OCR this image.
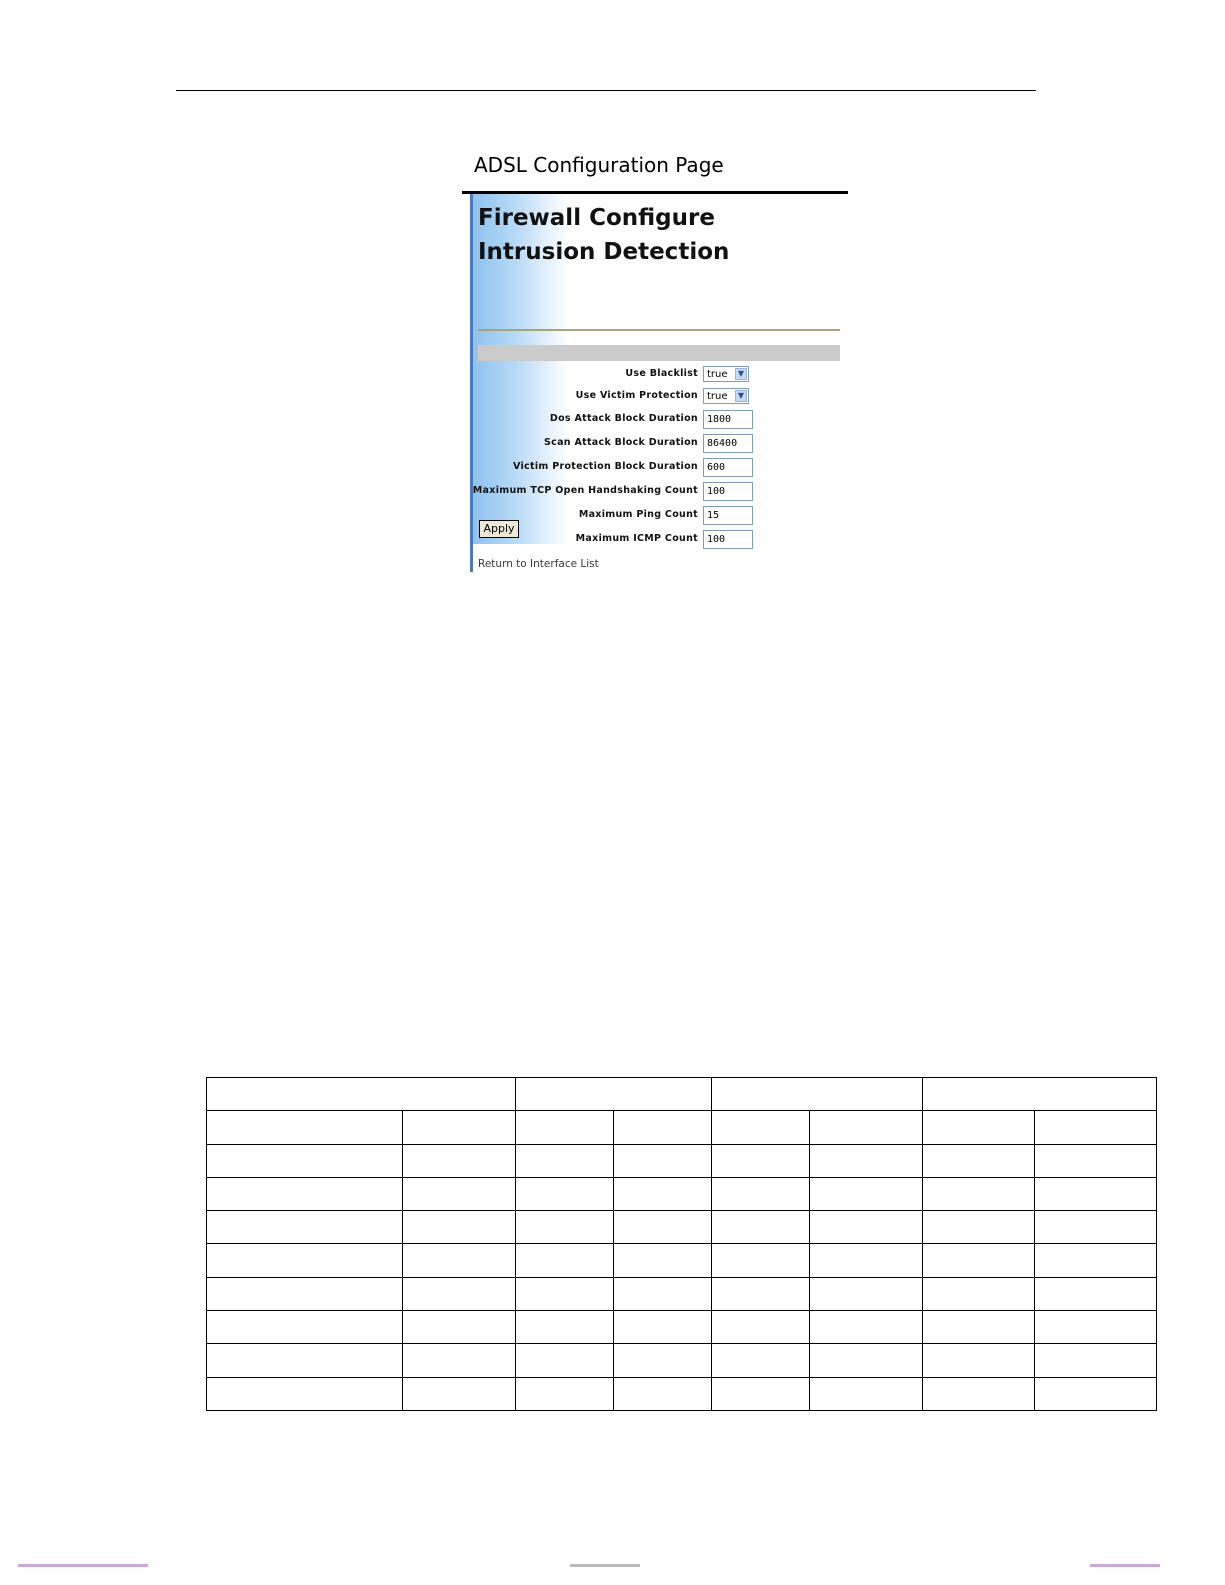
ADSL Configuration Page
Firewall Configure Intrusion Detection
Use Blacklist true	▼
Use Victim Protection true	▼
Dos Attack Block Duration 1800
Scan Attack Block Duration 86400
Victim Protection Block Duration 600
Maximum TCP Open Handshaking Count 100
Maximum Ping Count 15
Maximum ICMP Count 100
Apply
Return to Interface List
